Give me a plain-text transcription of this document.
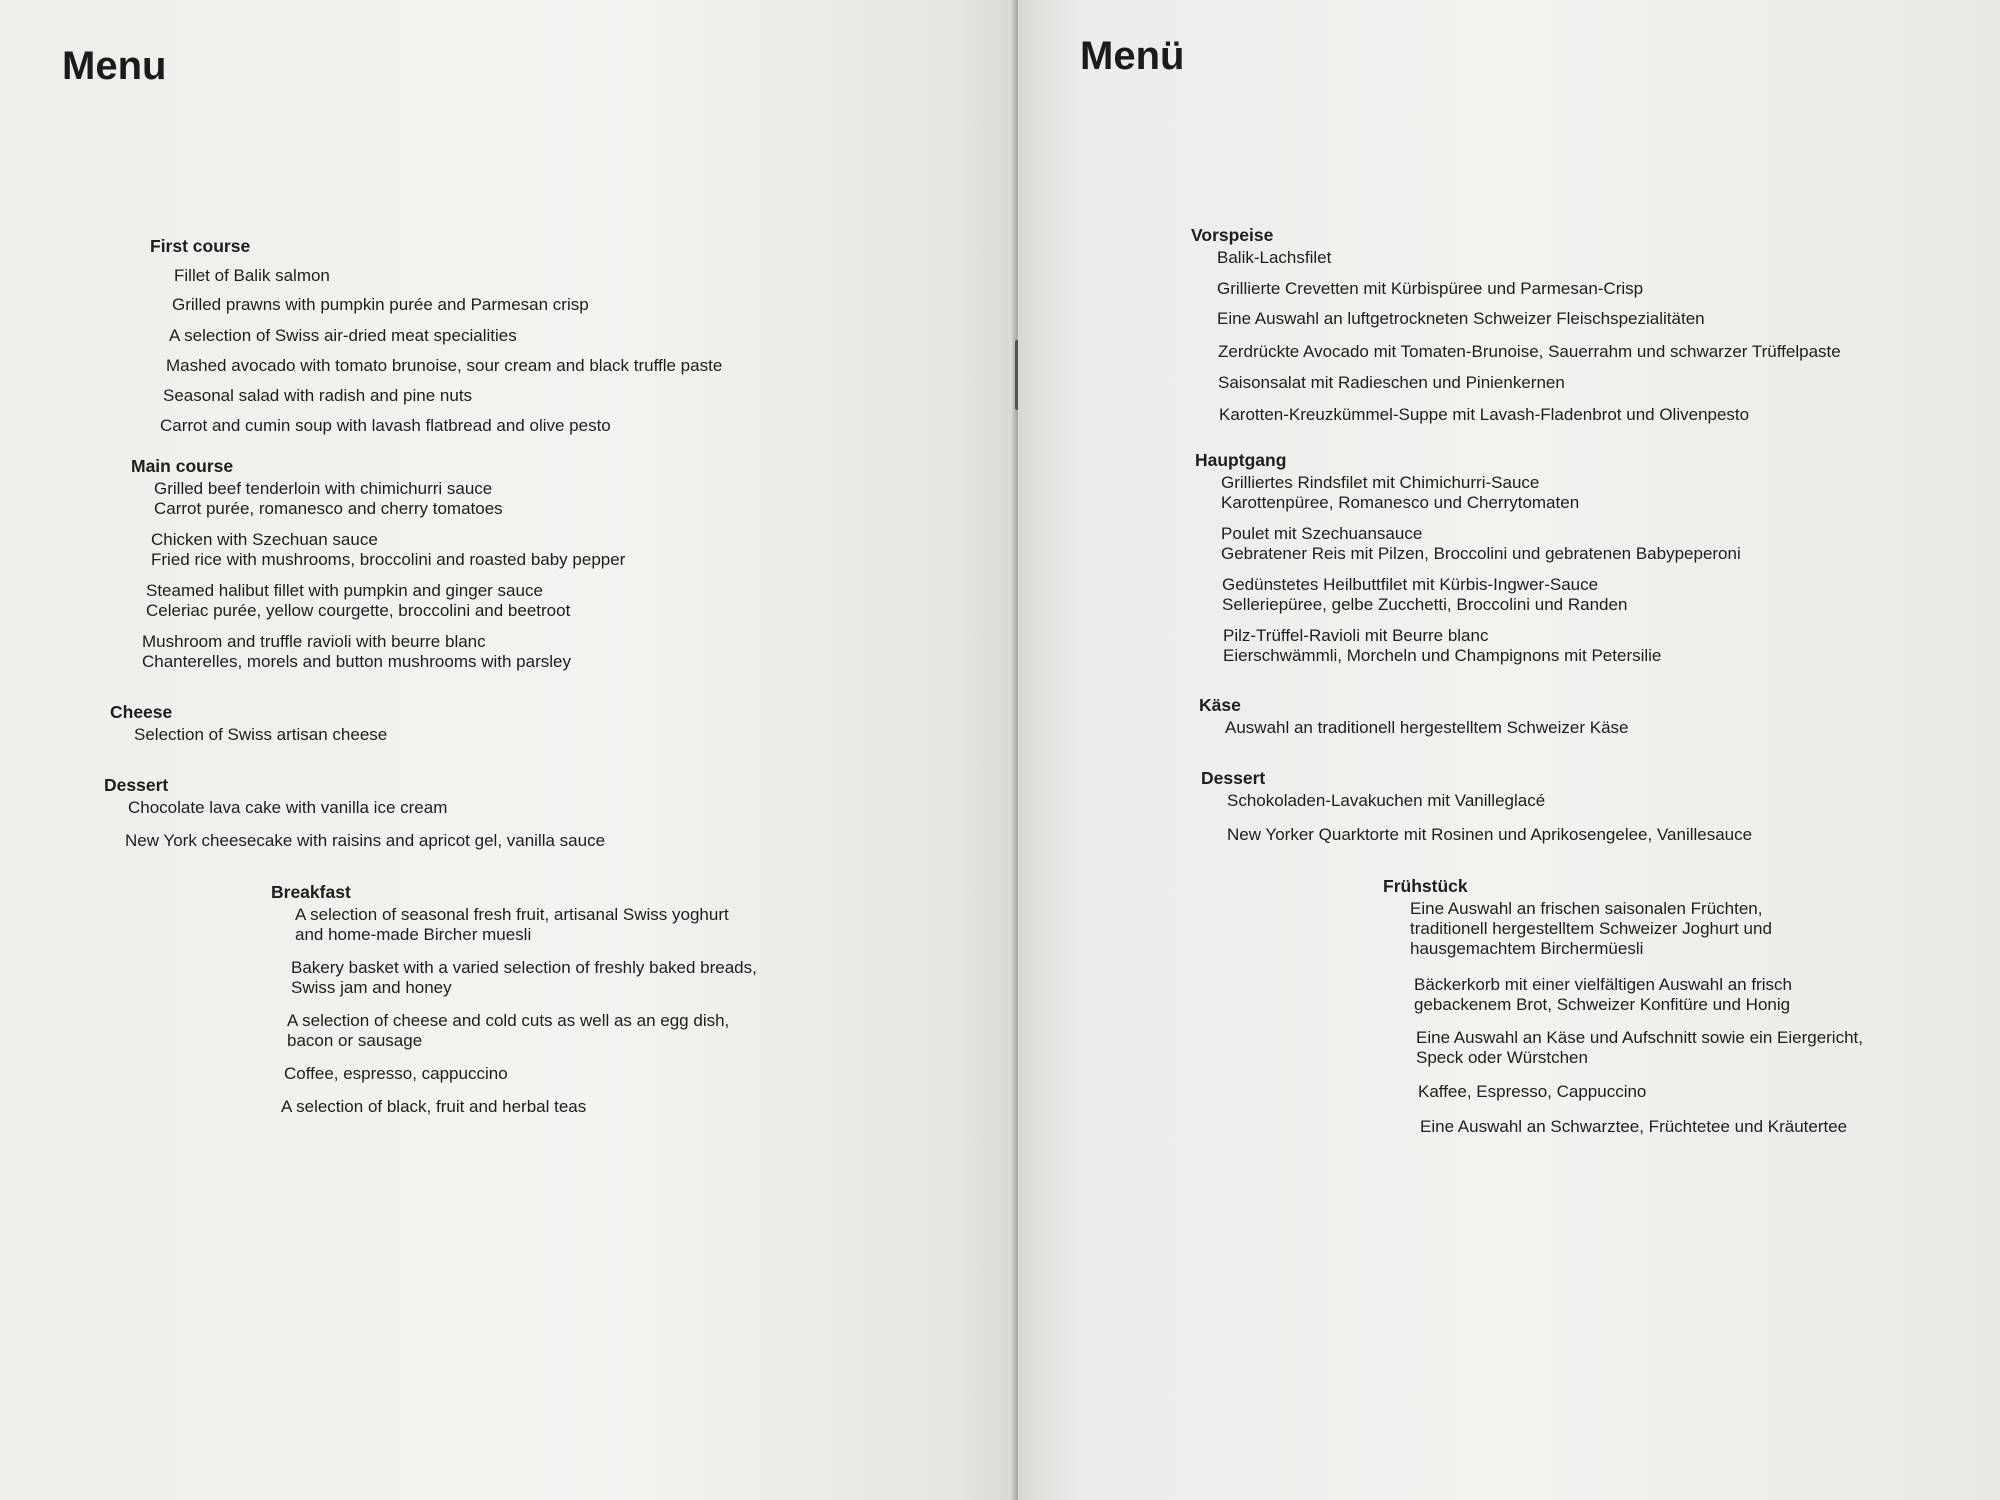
Menu

First course

Fillet of Balik salmon

Grilled prawns with pumpkin purée and Parmesan crisp

A selection of Swiss air-dried meat specialities

Mashed avocado with tomato brunoise, sour cream and black truffle paste

Seasonal salad with radish and pine nuts

Carrot and cumin soup with lavash flatbread and olive pesto

Main course

Grilled beef tenderloin with chimichurri sauce
Carrot purée, romanesco and cherry tomatoes

Chicken with Szechuan sauce
Fried rice with mushrooms, broccolini and roasted baby pepper

Steamed halibut fillet with pumpkin and ginger sauce
Celeriac purée, yellow courgette, broccolini and beetroot

Mushroom and truffle ravioli with beurre blanc
Chanterelles, morels and button mushrooms with parsley

Cheese

Selection of Swiss artisan cheese

Dessert

Chocolate lava cake with vanilla ice cream

New York cheesecake with raisins and apricot gel, vanilla sauce

Breakfast

A selection of seasonal fresh fruit, artisanal Swiss yoghurt
and home-made Bircher muesli

Bakery basket with a varied selection of freshly baked breads,
Swiss jam and honey

A selection of cheese and cold cuts as well as an egg dish,
bacon or sausage

Coffee, espresso, cappuccino

A selection of black, fruit and herbal teas

Menü

Vorspeise

Balik-Lachsfilet

Grillierte Crevetten mit Kürbispüree und Parmesan-Crisp

Eine Auswahl an luftgetrockneten Schweizer Fleischspezialitäten

Zerdrückte Avocado mit Tomaten-Brunoise, Sauerrahm und schwarzer Trüffelpaste

Saisonsalat mit Radieschen und Pinienkernen

Karotten-Kreuzkümmel-Suppe mit Lavash-Fladenbrot und Olivenpesto

Hauptgang

Grilliertes Rindsfilet mit Chimichurri-Sauce
Karottenpüree, Romanesco und Cherrytomaten

Poulet mit Szechuansauce
Gebratener Reis mit Pilzen, Broccolini und gebratenen Babypeperoni

Gedünstetes Heilbuttfilet mit Kürbis-Ingwer-Sauce
Selleriepüree, gelbe Zucchetti, Broccolini und Randen

Pilz-Trüffel-Ravioli mit Beurre blanc
Eierschwämmli, Morcheln und Champignons mit Petersilie

Käse

Auswahl an traditionell hergestelltem Schweizer Käse

Dessert

Schokoladen-Lavakuchen mit Vanilleglacé

New Yorker Quarktorte mit Rosinen und Aprikosengelee, Vanillesauce

Frühstück

Eine Auswahl an frischen saisonalen Früchten,
traditionell hergestelltem Schweizer Joghurt und
hausgemachtem Birchermüesli

Bäckerkorb mit einer vielfältigen Auswahl an frisch
gebackenem Brot, Schweizer Konfitüre und Honig

Eine Auswahl an Käse und Aufschnitt sowie ein Eiergericht,
Speck oder Würstchen

Kaffee, Espresso, Cappuccino

Eine Auswahl an Schwarztee, Früchtetee und Kräutertee
